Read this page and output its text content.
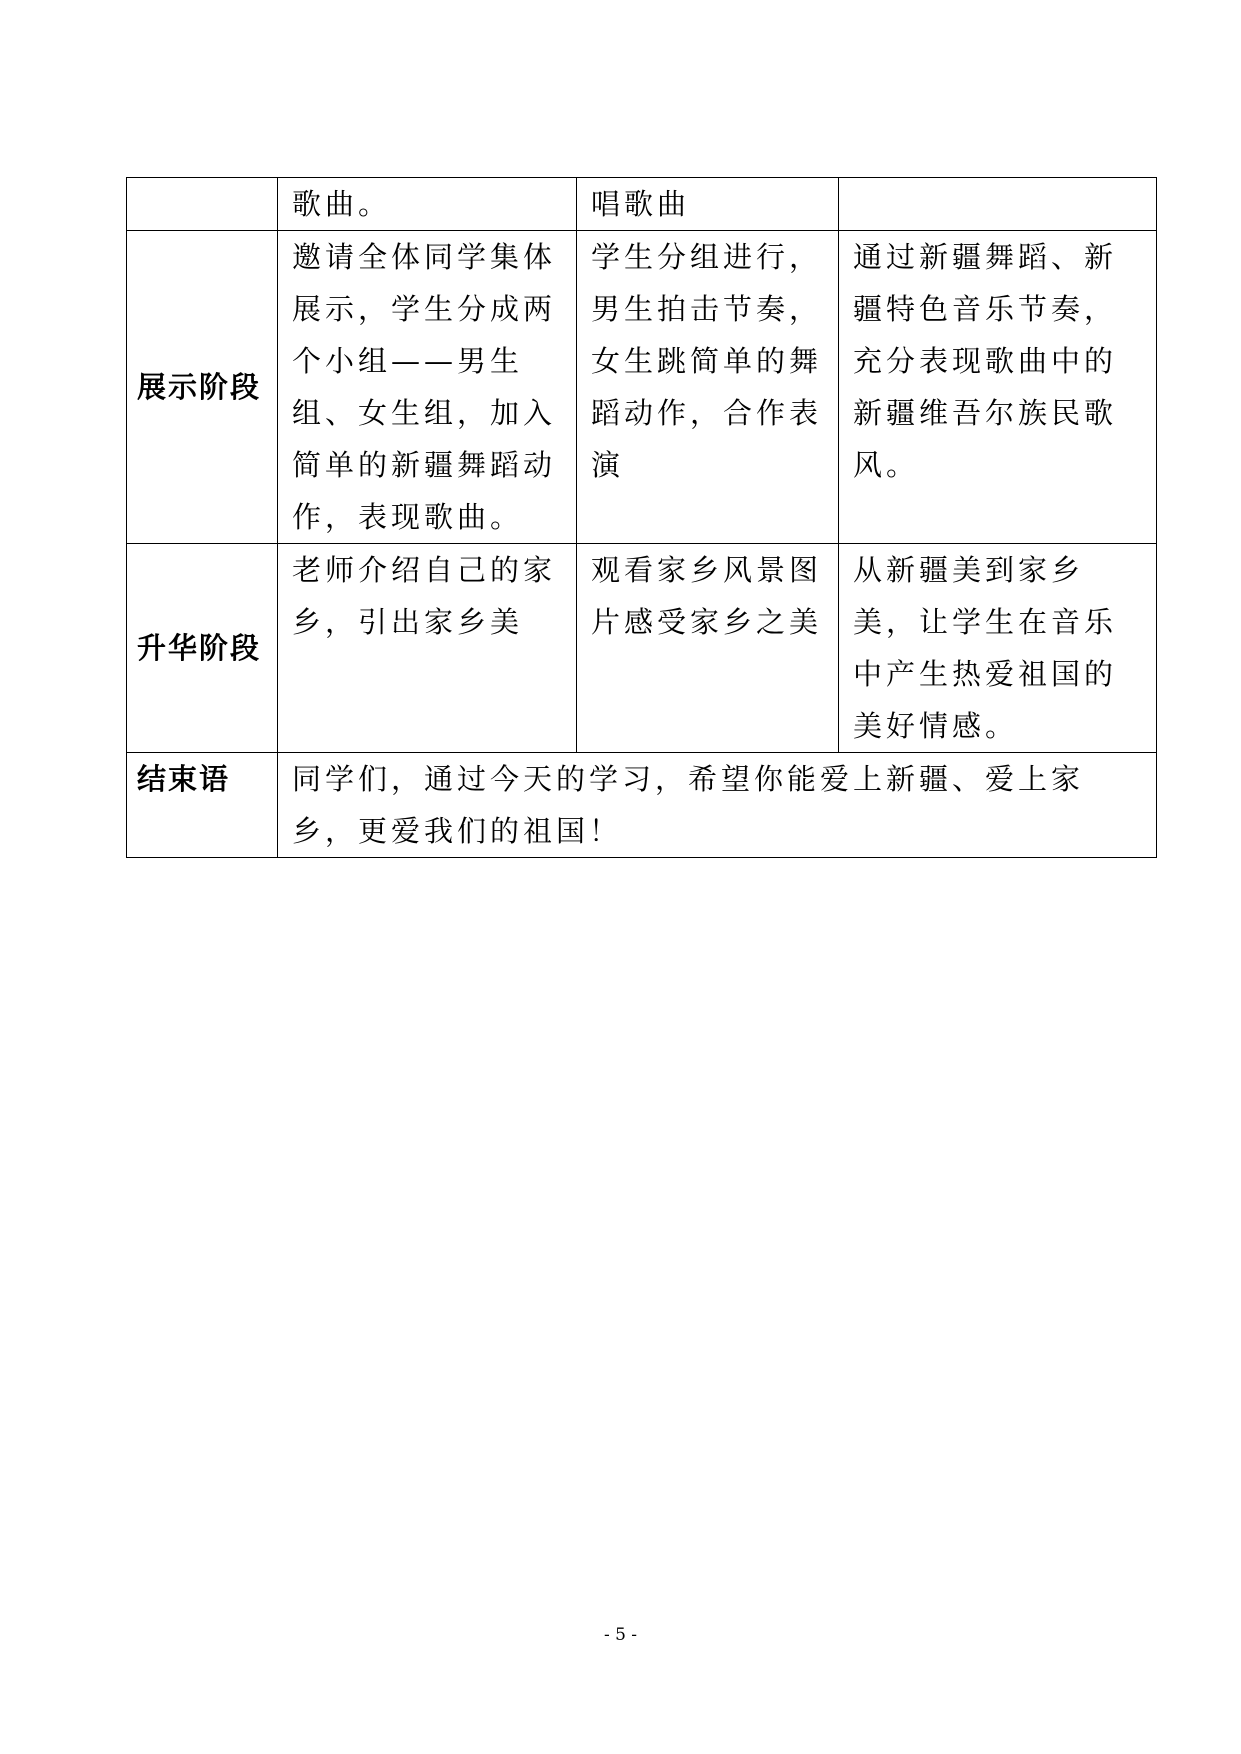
	歌曲。	唱歌曲	
展示阶段	邀请全体同学集体展示，学生分成两个小组——男生组、女生组，加入简单的新疆舞蹈动作，表现歌曲。	学生分组进行，男生拍击节奏，女生跳简单的舞蹈动作，合作表演	通过新疆舞蹈、新疆特色音乐节奏，充分表现歌曲中的新疆维吾尔族民歌风。
升华阶段	老师介绍自己的家乡，引出家乡美	观看家乡风景图片感受家乡之美	从新疆美到家乡美，让学生在音乐中产生热爱祖国的美好情感。
结束语	同学们，通过今天的学习，希望你能爱上新疆、爱上家乡，更爱我们的祖国！		
- 5 -
